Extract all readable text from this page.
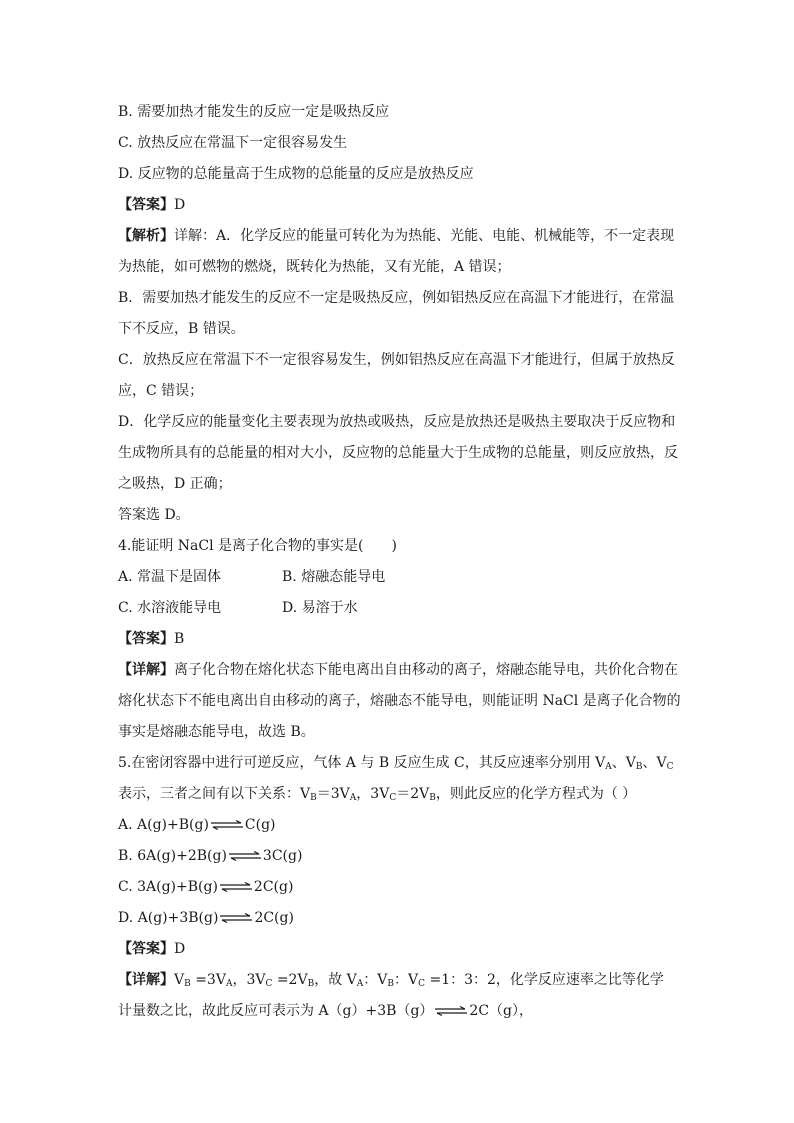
B. 需要加热才能发生的反应一定是吸热反应
C. 放热反应在常温下一定很容易发生
D. 反应物的总能量高于生成物的总能量的反应是放热反应
【答案】D
【解析】详解：A．化学反应的能量可转化为为热能、光能、电能、机械能等，不一定表现
为热能，如可燃物的燃烧，既转化为热能，又有光能，A 错误；
B．需要加热才能发生的反应不一定是吸热反应，例如铝热反应在高温下才能进行，在常温
下不反应，B 错误。
C．放热反应在常温下不一定很容易发生，例如铝热反应在高温下才能进行，但属于放热反
应，C 错误；
D．化学反应的能量变化主要表现为放热或吸热，反应是放热还是吸热主要取决于反应物和
生成物所具有的总能量的相对大小，反应物的总能量大于生成物的总能量，则反应放热，反
之吸热，D 正确；
答案选 D。
4.能证明 NaCl 是离子化合物的事实是(　　)
A. 常温下是固体	B. 熔融态能导电
C. 水溶液能导电	D. 易溶于水
【答案】B
【详解】离子化合物在熔化状态下能电离出自由移动的离子，熔融态能导电，共价化合物在
熔化状态下不能电离出自由移动的离子，熔融态不能导电，则能证明 NaCl 是离子化合物的
事实是熔融态能导电，故选 B。
5.在密闭容器中进行可逆反应，气体 A 与 B 反应生成 C，其反应速率分别用 $V_A$、$V_B$、$V_C$
表示，三者之间有以下关系：$V_B=3V_A$，$3V_C=2V_B$，则此反应的化学方程式为（ ）
A. A(g)+B(g)⇌C(g)
B. 6A(g)+2B(g)⇌3C(g)
C. 3A(g)+B(g)⇌2C(g)
D. A(g)+3B(g)⇌2C(g)
【答案】D
【详解】$V_B =3V_A$，$3V_C =2V_B$，故 $V_A$：$V_B$：$V_C =1$：3：2，化学反应速率之比等化学
计量数之比，故此反应可表示为 A（g）+3B（g）⇌2C（g），
